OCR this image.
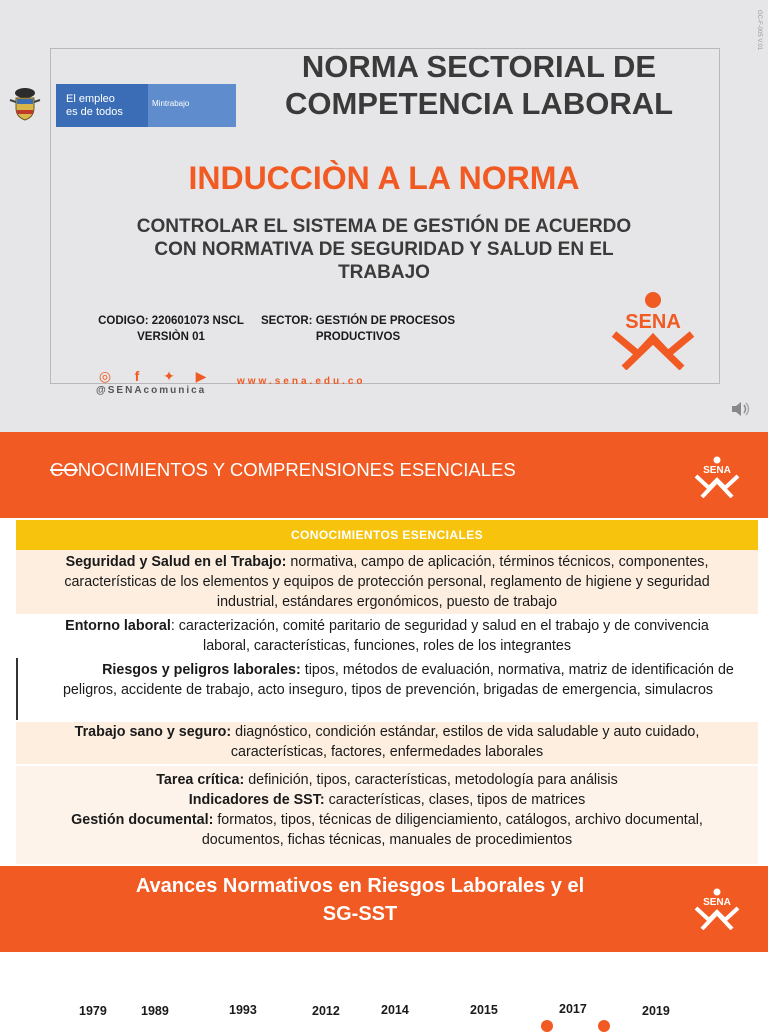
El empleo
es de todos
Mintrabajo
NORMA SECTORIAL DE
COMPETENCIA LABORAL
INDUCCIÒN A LA NORMA
CONTROLAR EL SISTEMA DE GESTIÓN DE ACUERDO
CON NORMATIVA DE SEGURIDAD Y SALUD EN EL
TRABAJO
CODIGO: 220601073 NSCL
VERSIÒN 01
SECTOR: GESTIÓN DE PROCESOS
PRODUCTIVOS
SENA
◎	f	✦ ▶
@SENAcomunica
www.sena.edu.co
GC-F-005 V.01
CONOCIMIENTOS Y COMPRENSIONES ESENCIALES	SENA
CONOCIMIENTOS ESENCIALES
Seguridad y Salud en el Trabajo: normativa, campo de aplicación, términos técnicos, componentes,
características de los elementos y equipos de protección personal, reglamento de higiene y seguridad
industrial, estándares ergonómicos, puesto de trabajo
Entorno laboral: caracterización, comité paritario de seguridad y salud en el trabajo y de convivencia
laboral, características, funciones, roles de los integrantes
Riesgos y peligros laborales: tipos, métodos de evaluación, normativa, matriz de identificación de
peligros, accidente de trabajo, acto inseguro, tipos de prevención, brigadas de emergencia, simulacros
Trabajo sano y seguro: diagnóstico, condición estándar, estilos de vida saludable y auto cuidado,
características, factores, enfermedades laborales
Tarea crítica: definición, tipos, características, metodología para análisis
Indicadores de SST: características, clases, tipos de matrices
Gestión documental: formatos, tipos, técnicas de diligenciamiento, catálogos, archivo documental,
documentos, fichas técnicas, manuales de procedimientos
Avances Normativos en Riesgos Laborales y el
SG-SST
SENA
1979	1989	1993	2012	2014	2015	2017	2019
